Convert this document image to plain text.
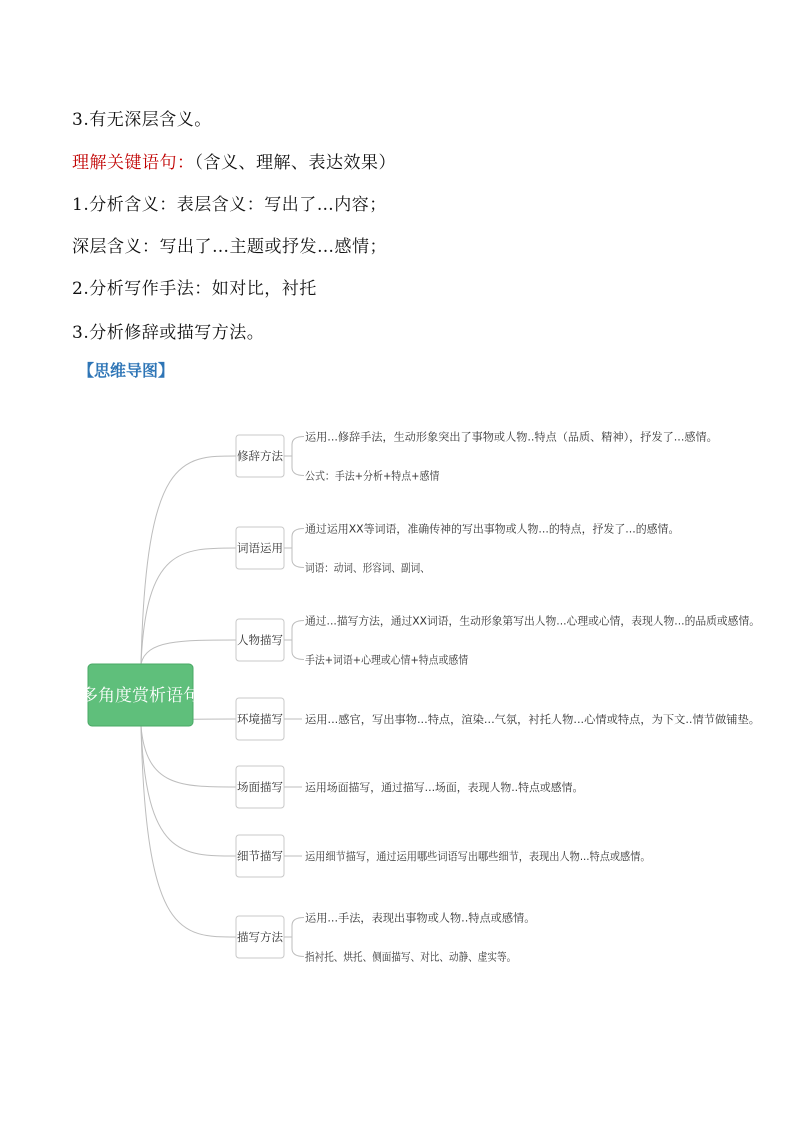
3.有无深层含义。

理解关键语句：（含义、理解、表达效果）

1.分析含义：表层含义：写出了…内容；

深层含义：写出了…主题或抒发…感情；

2.分析写作手法：如对比，衬托

3.分析修辞或描写方法。

【思维导图】

多角度赏析语句
修辞方法
运用...修辞手法，生动形象突出了事物或人物..特点（品质、精神），抒发了...感情。
公式：手法+分析+特点+感情
词语运用
通过运用XX等词语，准确传神的写出事物或人物...的特点，抒发了...的感情。
词语：动词、形容词、副词、
人物描写
通过...描写方法，通过XX词语，生动形象第写出人物...心理或心情，表现人物...的品质或感情。
手法+词语+心理或心情+特点或感情
环境描写 运用...感官，写出事物...特点，渲染...气氛，衬托人物...心情或特点，为下文..情节做铺垫。
场面描写 运用场面描写，通过描写...场面，表现人物..特点或感情。
细节描写 运用细节描写，通过运用哪些词语写出哪些细节，表现出人物...特点或感情。
描写方法
运用...手法，表现出事物或人物..特点或感情。
指衬托、烘托、侧面描写、对比、动静、虚实等。
